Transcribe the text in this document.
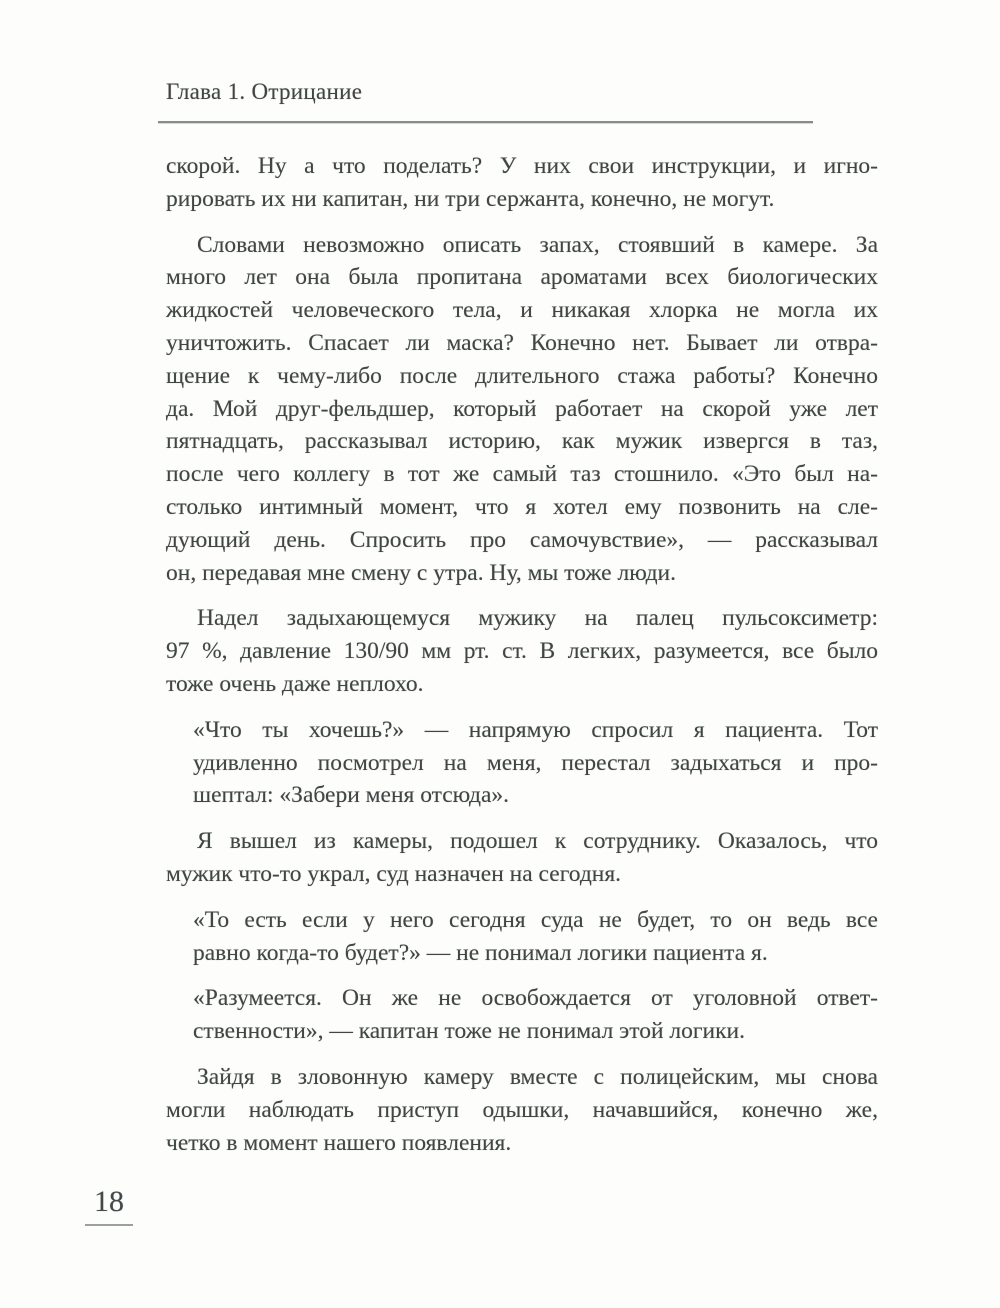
Глава 1. Отрицание
скорой. Ну а что поделать? У них свои инструкции, и игно-
рировать их ни капитан, ни три сержанта, конечно, не могут.
Словами невозможно описать запах, стоявший в камере. За
много лет она была пропитана ароматами всех биологических
жидкостей человеческого тела, и никакая хлорка не могла их
уничтожить. Спасает ли маска? Конечно нет. Бывает ли отвра-
щение к чему-либо после длительного стажа работы? Конечно
да. Мой друг-фельдшер, который работает на скорой уже лет
пятнадцать, рассказывал историю, как мужик извергся в таз,
после чего коллегу в тот же самый таз стошнило. «Это был на-
столько интимный момент, что я хотел ему позвонить на сле-
дующий день. Спросить про самочувствие», — рассказывал
он, передавая мне смену с утра. Ну, мы тоже люди.
Надел задыхающемуся мужику на палец пульсоксиметр:
97 %, давление 130/90 мм рт. ст. В легких, разумеется, все было
тоже очень даже неплохо.
«Что ты хочешь?» — напрямую спросил я пациента. Тот
удивленно посмотрел на меня, перестал задыхаться и про-
шептал: «Забери меня отсюда».
Я вышел из камеры, подошел к сотруднику. Оказалось, что
мужик что-то украл, суд назначен на сегодня.
«То есть если у него сегодня суда не будет, то он ведь все
равно когда-то будет?» — не понимал логики пациента я.
«Разумеется. Он же не освобождается от уголовной ответ-
ственности», — капитан тоже не понимал этой логики.
Зайдя в зловонную камеру вместе с полицейским, мы снова
могли наблюдать приступ одышки, начавшийся, конечно же,
четко в момент нашего появления.
18
